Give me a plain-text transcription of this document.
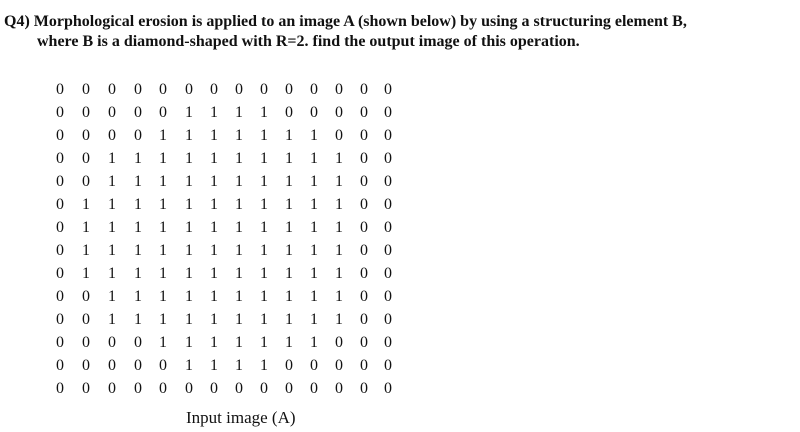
Q4) Morphological erosion is applied to an image A (shown below) by using a structuring element B,
where B is a diamond-shaped with R=2. find the output image of this operation.
0	0	0	0	0	0	0	0	0	0	0	0	0	0
0	0	0	0	0	1	1	1	1	0	0	0	0	0
0	0	0	0	1	1	1	1	1	1	1	0	0	0
0	0	1	1	1	1	1	1	1	1	1	1	0	0
0	0	1	1	1	1	1	1	1	1	1	1	0	0
0	1	1	1	1	1	1	1	1	1	1	1	0	0
0	1	1	1	1	1	1	1	1	1	1	1	0	0
0	1	1	1	1	1	1	1	1	1	1	1	0	0
0	1	1	1	1	1	1	1	1	1	1	1	0	0
0	0	1	1	1	1	1	1	1	1	1	1	0	0
0	0	1	1	1	1	1	1	1	1	1	1	0	0
0	0	0	0	1	1	1	1	1	1	1	0	0	0
0	0	0	0	0	1	1	1	1	0	0	0	0	0
0	0	0	0	0	0	0	0	0	0	0	0	0	0
Input image (A)
